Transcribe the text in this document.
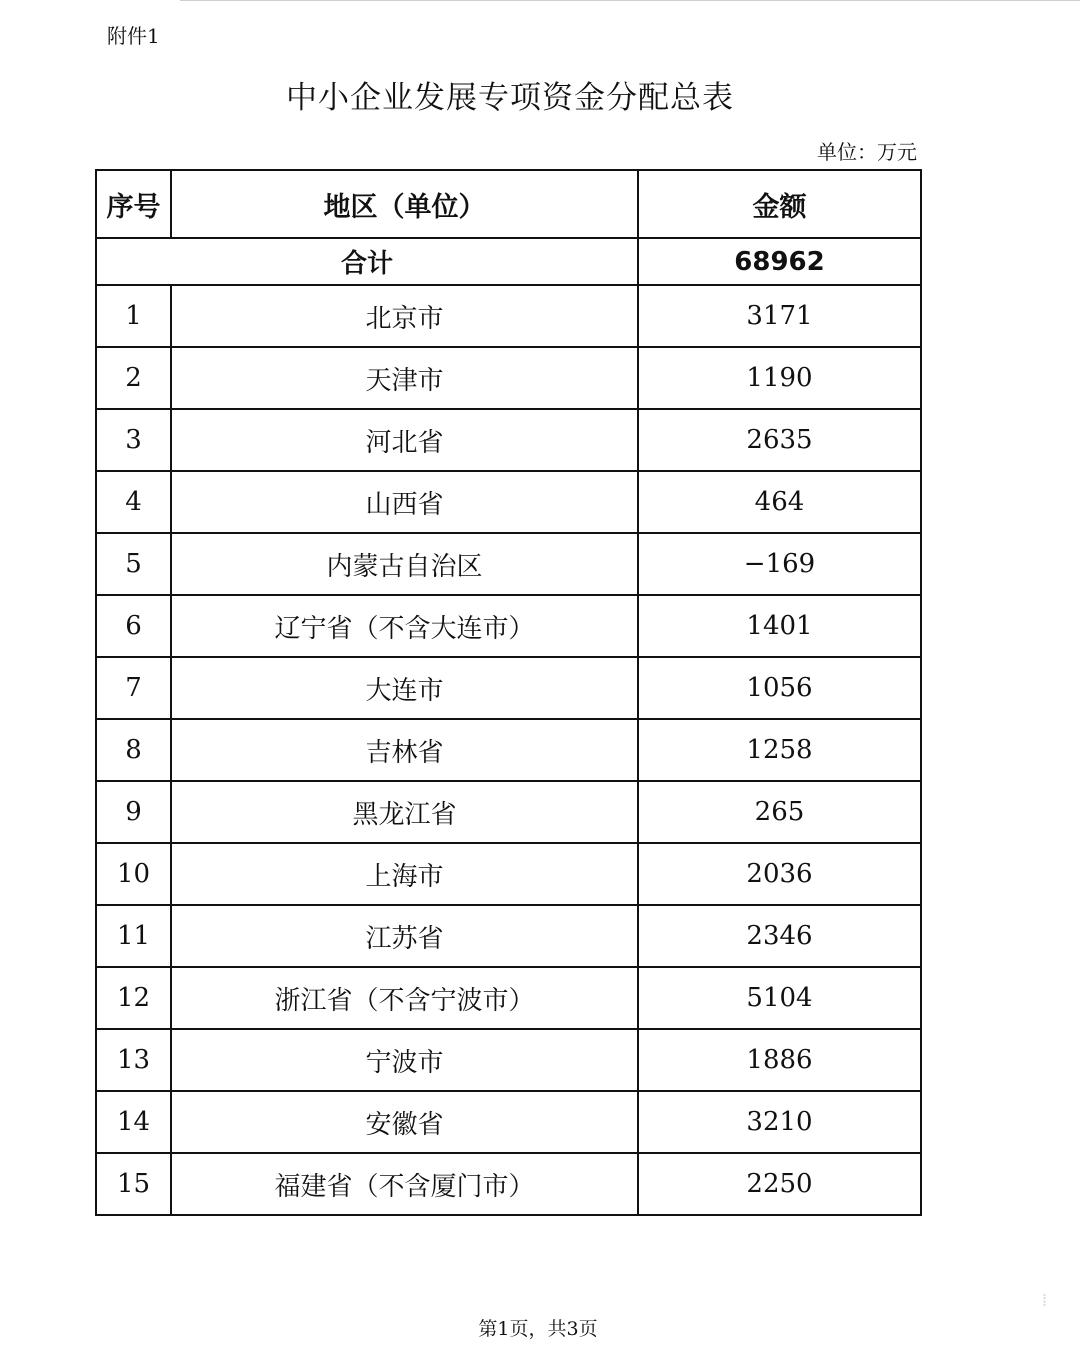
附件1
中小企业发展专项资金分配总表
单位：万元
序号	地区（单位）	金额
合计		68962
1	北京市	3171
2	天津市	1190
3	河北省	2635
4	山西省	464
5	内蒙古自治区	−169
6	辽宁省（不含大连市）	1401
7	大连市	1056
8	吉林省	1258
9	黑龙江省	265
10	上海市	2036
11	江苏省	2346
12	浙江省（不含宁波市）	5104
13	宁波市	1886
14	安徽省	3210
15	福建省（不含厦门市）	2250
第1页，共3页
⁞
